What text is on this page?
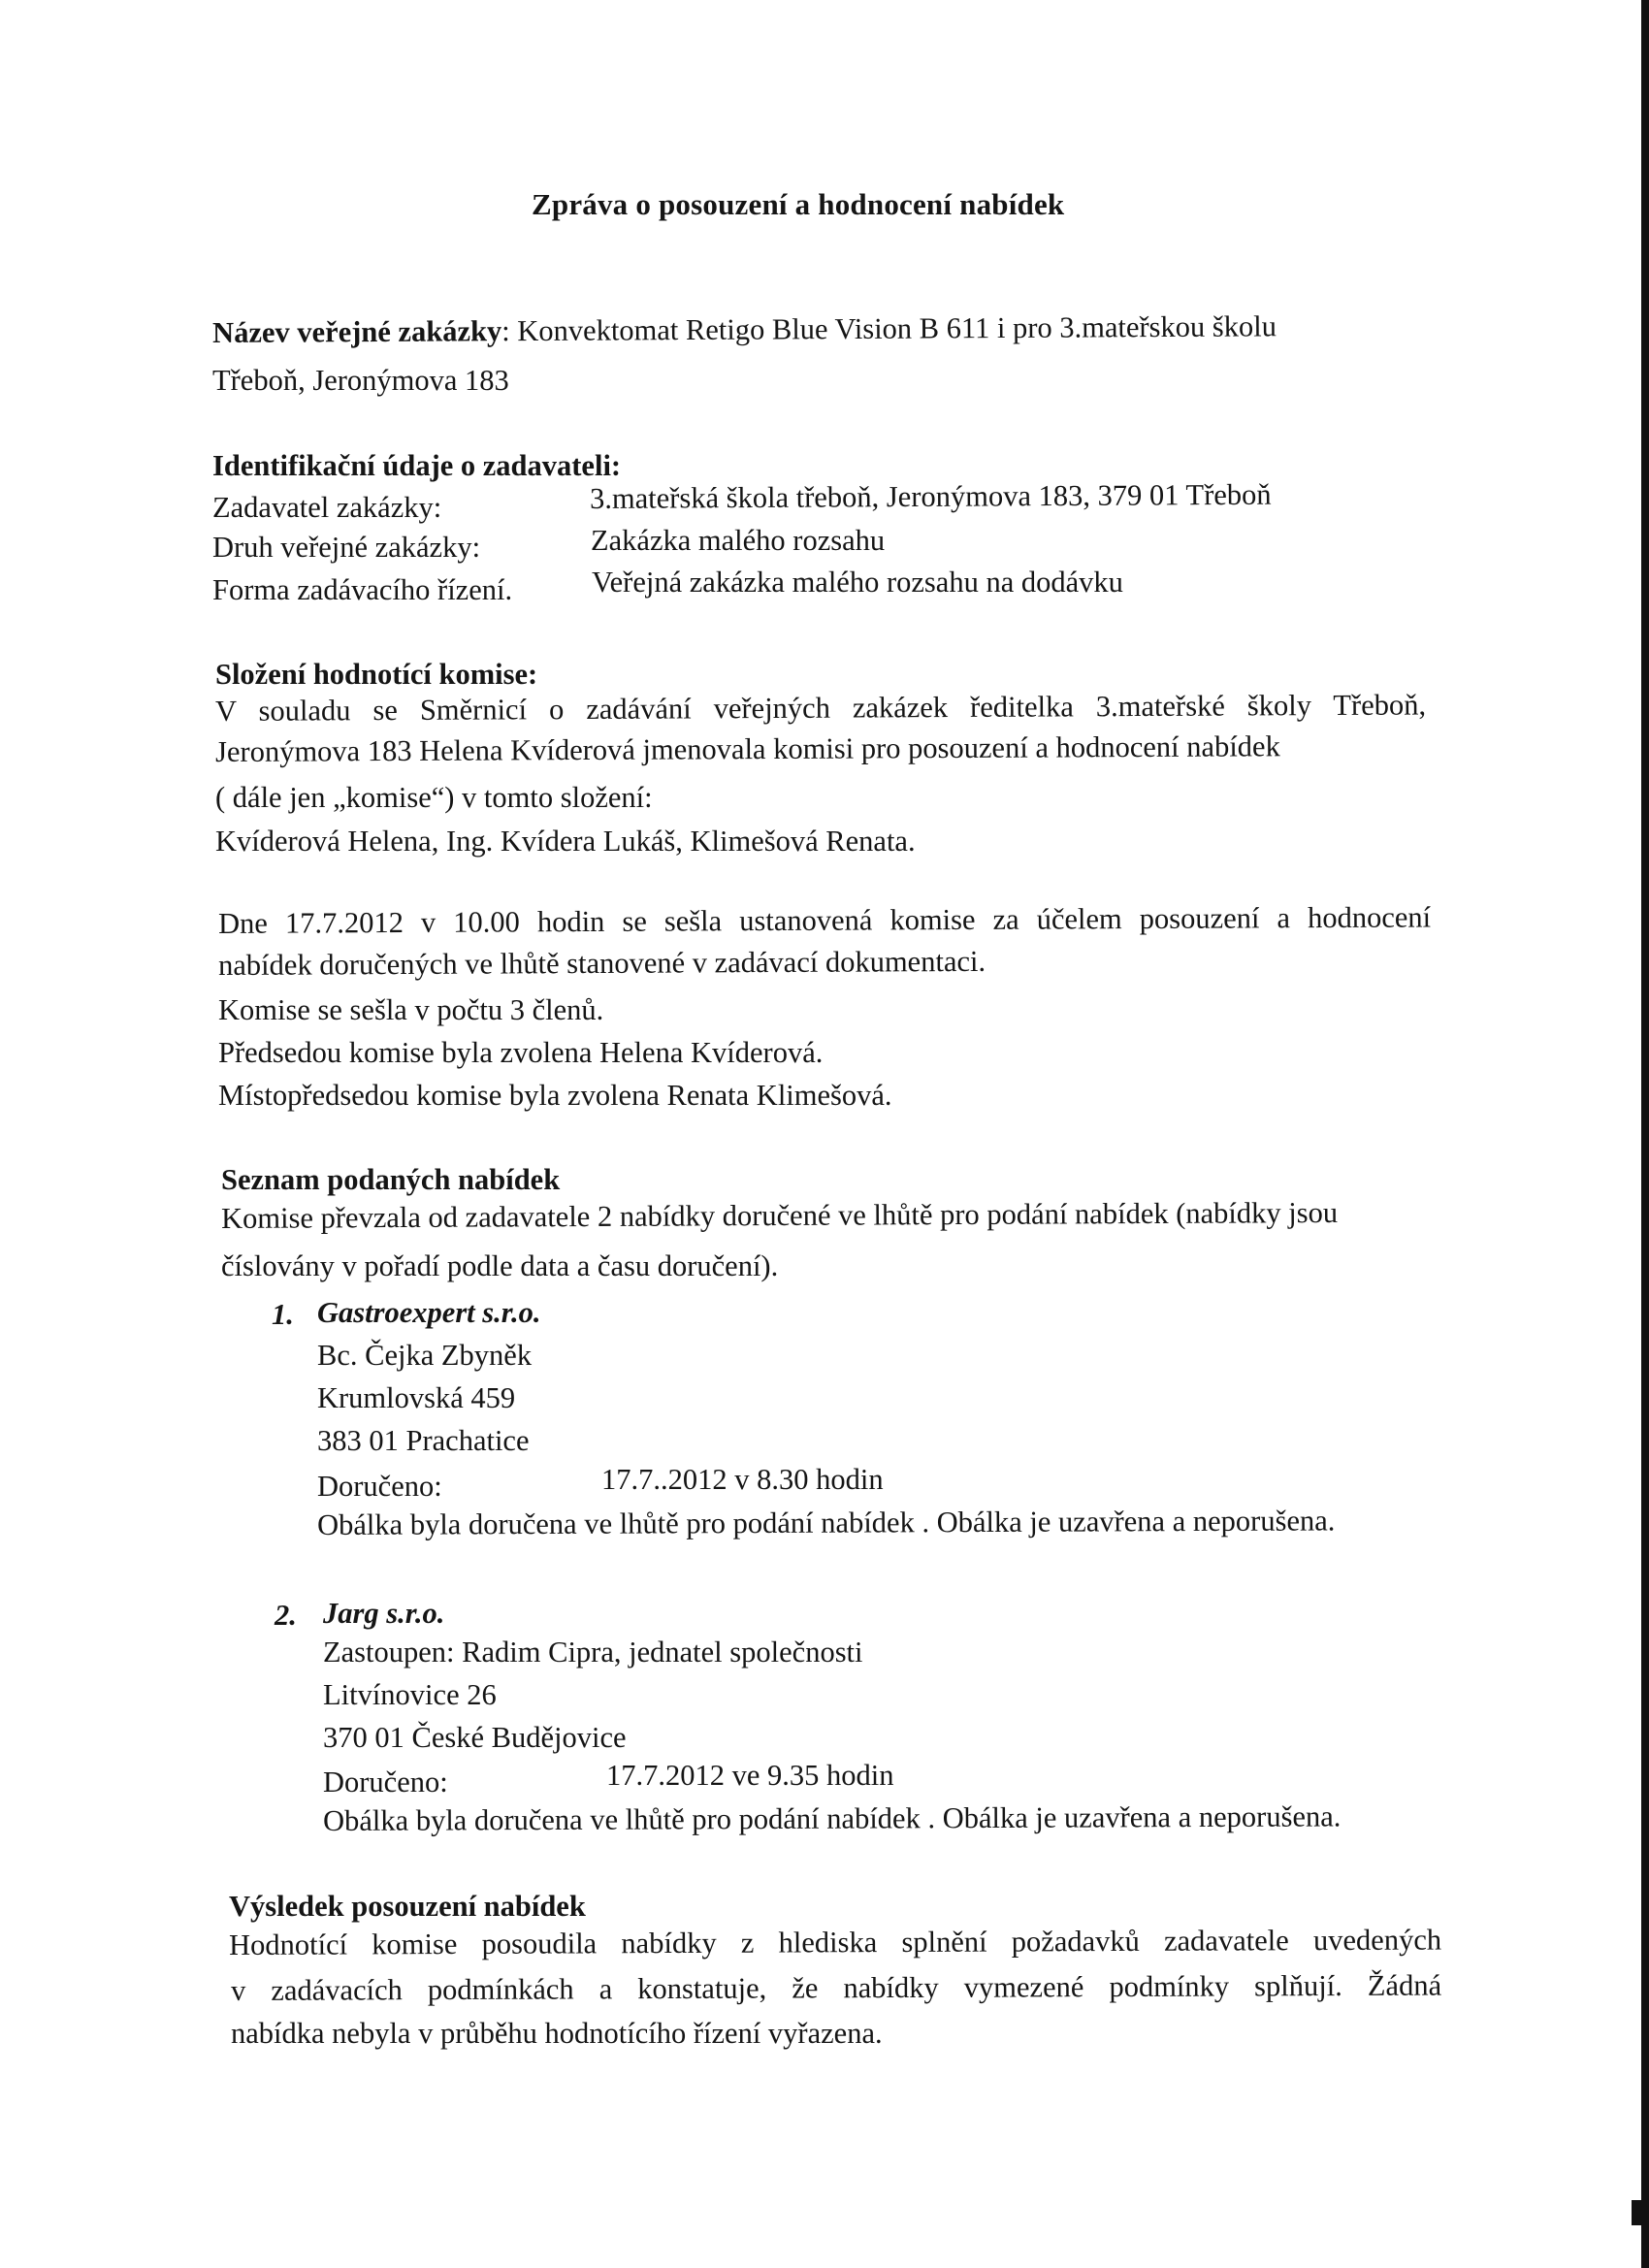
Zpráva o posouzení a hodnocení nabídek
Název veřejné zakázky: Konvektomat Retigo Blue Vision B 611 i pro 3.mateřskou školu
Třeboň, Jeronýmova 183
Identifikační údaje o zadavateli:
Zadavatel zakázky:	3.mateřská škola třeboň, Jeronýmova 183, 379 01 Třeboň
Druh veřejné zakázky:	Zakázka malého rozsahu
Forma zadávacího řízení.	Veřejná zakázka malého rozsahu na dodávku
Složení hodnotící komise:
V souladu se Směrnicí o zadávání veřejných zakázek ředitelka 3.mateřské školy Třeboň,
Jeronýmova 183 Helena Kvíderová jmenovala komisi pro posouzení a hodnocení nabídek
( dále jen „komise“) v tomto složení:
Kvíderová Helena, Ing. Kvídera Lukáš, Klimešová Renata.
Dne 17.7.2012 v 10.00 hodin se sešla ustanovená komise za účelem posouzení a hodnocení
nabídek doručených ve lhůtě stanovené v zadávací dokumentaci.
Komise se sešla v počtu 3 členů.
Předsedou komise byla zvolena Helena Kvíderová.
Místopředsedou komise byla zvolena Renata Klimešová.
Seznam podaných nabídek
Komise převzala od zadavatele 2 nabídky doručené ve lhůtě pro podání nabídek (nabídky jsou
číslovány v pořadí podle data a času doručení).
1. Gastroexpert s.r.o.
Bc. Čejka Zbyněk
Krumlovská 459
383 01 Prachatice
Doručeno:	17.7..2012 v 8.30 hodin
Obálka byla doručena ve lhůtě pro podání nabídek . Obálka je uzavřena a neporušena.
2. Jarg s.r.o.
Zastoupen: Radim Cipra, jednatel společnosti
Litvínovice 26
370 01 České Budějovice
Doručeno:	17.7.2012 ve 9.35 hodin
Obálka byla doručena ve lhůtě pro podání nabídek . Obálka je uzavřena a neporušena.
Výsledek posouzení nabídek
Hodnotící komise posoudila nabídky z hlediska splnění požadavků zadavatele uvedených
v zadávacích podmínkách a konstatuje, že nabídky vymezené podmínky splňují. Žádná
nabídka nebyla v průběhu hodnotícího řízení vyřazena.
